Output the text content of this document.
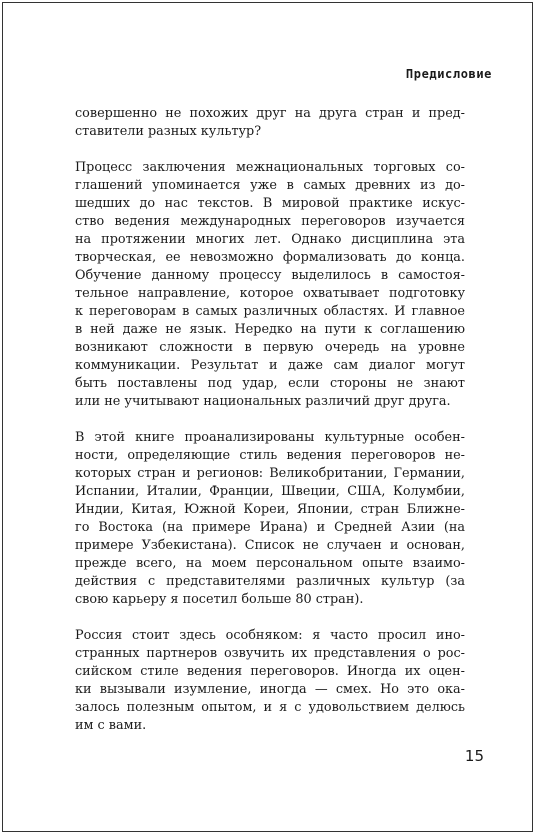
Предисловие

совершенно не похожих друг на друга стран и пред-
ставители разных культур?

Процесс заключения межнациональных торговых со-
глашений упоминается уже в самых древних из до-
шедших до нас текстов. В мировой практике искус-
ство ведения международных переговоров изучается
на протяжении многих лет. Однако дисциплина эта
творческая, ее невозможно формализовать до конца.
Обучение данному процессу выделилось в самостоя-
тельное направление, которое охватывает подготовку
к переговорам в самых различных областях. И главное
в ней даже не язык. Нередко на пути к соглашению
возникают сложности в первую очередь на уровне
коммуникации. Результат и даже сам диалог могут
быть поставлены под удар, если стороны не знают
или не учитывают национальных различий друг друга.

В этой книге проанализированы культурные особен-
ности, определяющие стиль ведения переговоров не-
которых стран и регионов: Великобритании, Германии,
Испании, Италии, Франции, Швеции, США, Колумбии,
Индии, Китая, Южной Кореи, Японии, стран Ближне-
го Востока (на примере Ирана) и Средней Азии (на
примере Узбекистана). Список не случаен и основан,
прежде всего, на моем персональном опыте взаимо-
действия с представителями различных культур (за
свою карьеру я посетил больше 80 стран).

Россия стоит здесь особняком: я часто просил ино-
странных партнеров озвучить их представления о рос-
сийском стиле ведения переговоров. Иногда их оцен-
ки вызывали изумление, иногда — смех. Но это ока-
залось полезным опытом, и я с удовольствием делюсь
им с вами.

15
